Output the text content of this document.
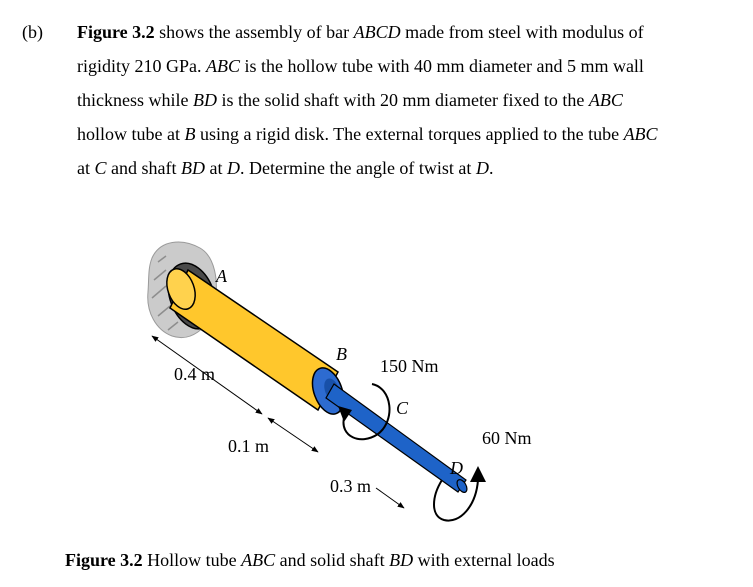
(b) Figure 3.2 shows the assembly of bar ABCD made from steel with modulus of
rigidity 210 GPa. ABC is the hollow tube with 40 mm diameter and 5 mm wall
thickness while BD is the solid shaft with 20 mm diameter fixed to the ABC
hollow tube at B using a rigid disk. The external torques applied to the tube ABC
at C and shaft BD at D. Determine the angle of twist at D.
A
B
C
D
150 Nm
60 Nm
0.4 m
0.1 m
0.3 m
Figure 3.2 Hollow tube ABC and solid shaft BD with external loads
